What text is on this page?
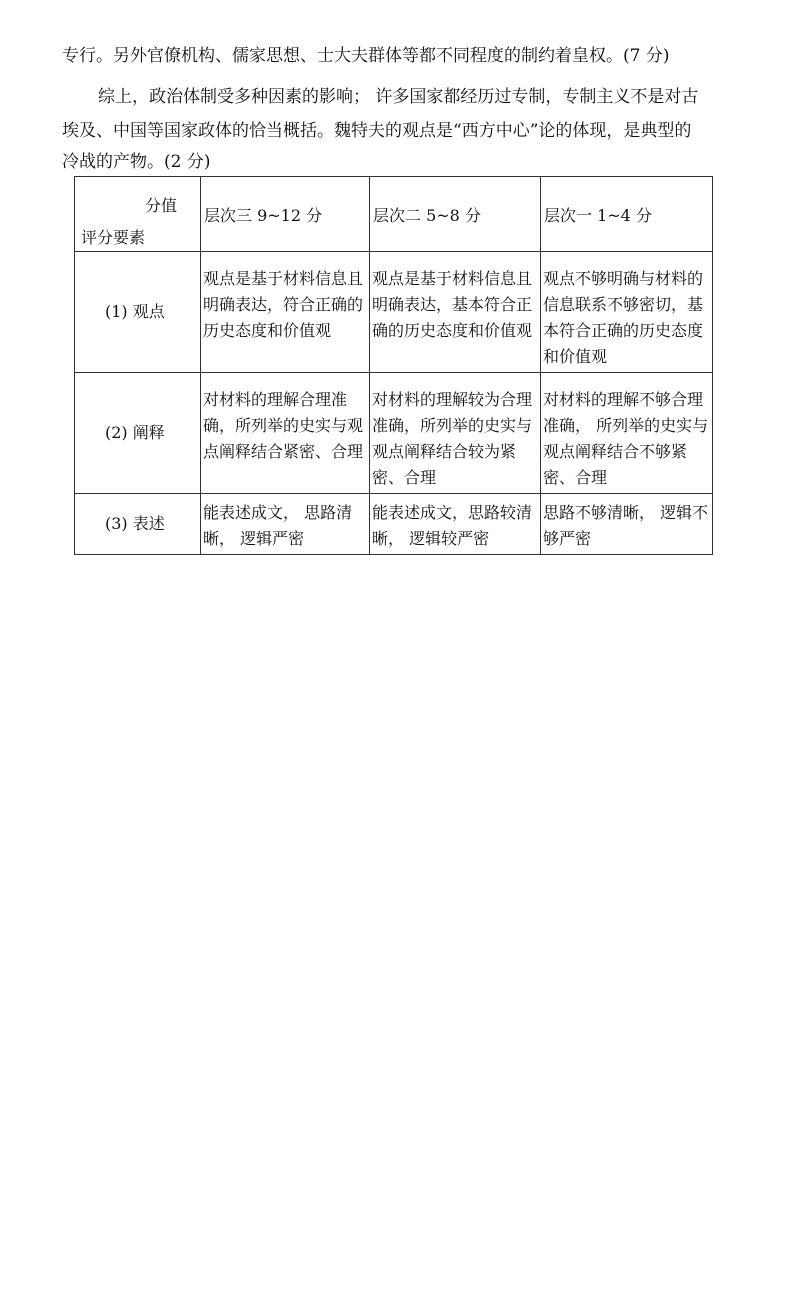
专行。另外官僚机构、儒家思想、士大夫群体等都不同程度的制约着皇权。(7 分)
综上，政治体制受多种因素的影响； 许多国家都经历过专制，专制主义不是对古
埃及、中国等国家政体的恰当概括。魏特夫的观点是“西方中心”论的体现，是典型的
冷战的产物。(2 分)
分值
评分要素	层次三 9~12 分	层次二 5~8 分	层次一 1~4 分

(1) 观点	观点是基于材料信息且明确表达，符合正确的历史态度和价值观	观点是基于材料信息且明确表达，基本符合正确的历史态度和价值观	观点不够明确与材料的信息联系不够密切，基本符合正确的历史态度和价值观

(2) 阐释	对材料的理解合理准确，所列举的史实与观点阐释结合紧密、合理	对材料的理解较为合理准确，所列举的史实与观点阐释结合较为紧密、合理	对材料的理解不够合理准确， 所列举的史实与观点阐释结合不够紧密、合理

(3) 表述	能表述成文， 思路清晰， 逻辑严密	能表述成文，思路较清晰， 逻辑较严密	思路不够清晰， 逻辑不够严密
